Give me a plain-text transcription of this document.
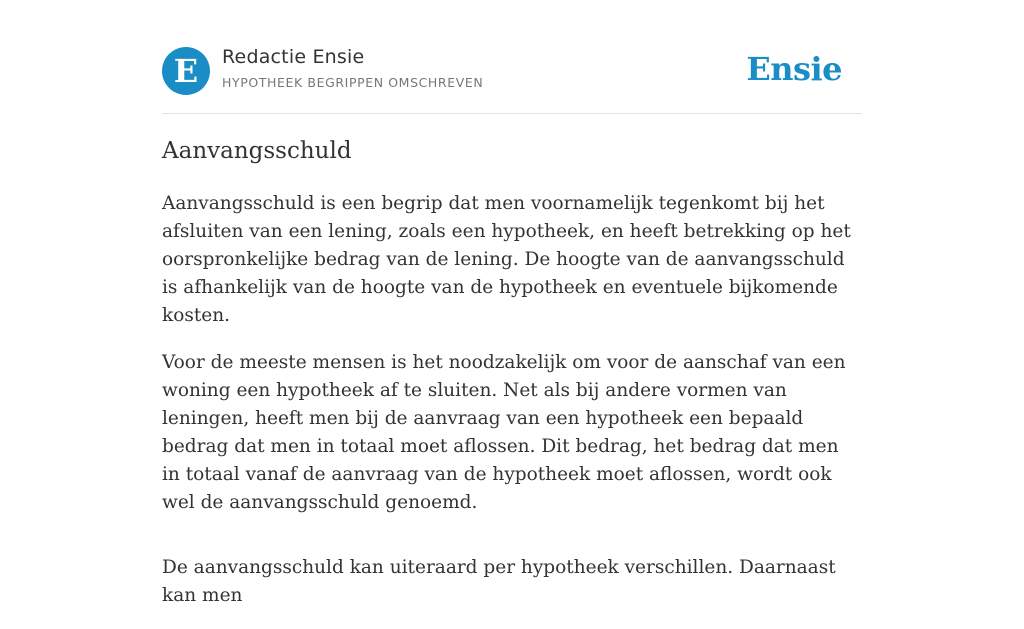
E Redactie Ensie
HYPOTHEEK BEGRIPPEN OMSCHREVEN	Ensie
Aanvangsschuld

Aanvangsschuld is een begrip dat men voornamelijk tegenkomt bij het afsluiten van een lening, zoals een hypotheek, en heeft betrekking op het oorspronkelijke bedrag van de lening. De hoogte van de aanvangsschuld is afhankelijk van de hoogte van de hypotheek en eventuele bijkomende kosten.

Voor de meeste mensen is het noodzakelijk om voor de aanschaf van een woning een hypotheek af te sluiten. Net als bij andere vormen van leningen, heeft men bij de aanvraag van een hypotheek een bepaald bedrag dat men in totaal moet aflossen. Dit bedrag, het bedrag dat men in totaal vanaf de aanvraag van de hypotheek moet aflossen, wordt ook wel de aanvangsschuld genoemd.

De aanvangsschuld kan uiteraard per hypotheek verschillen. Daarnaast kan men
